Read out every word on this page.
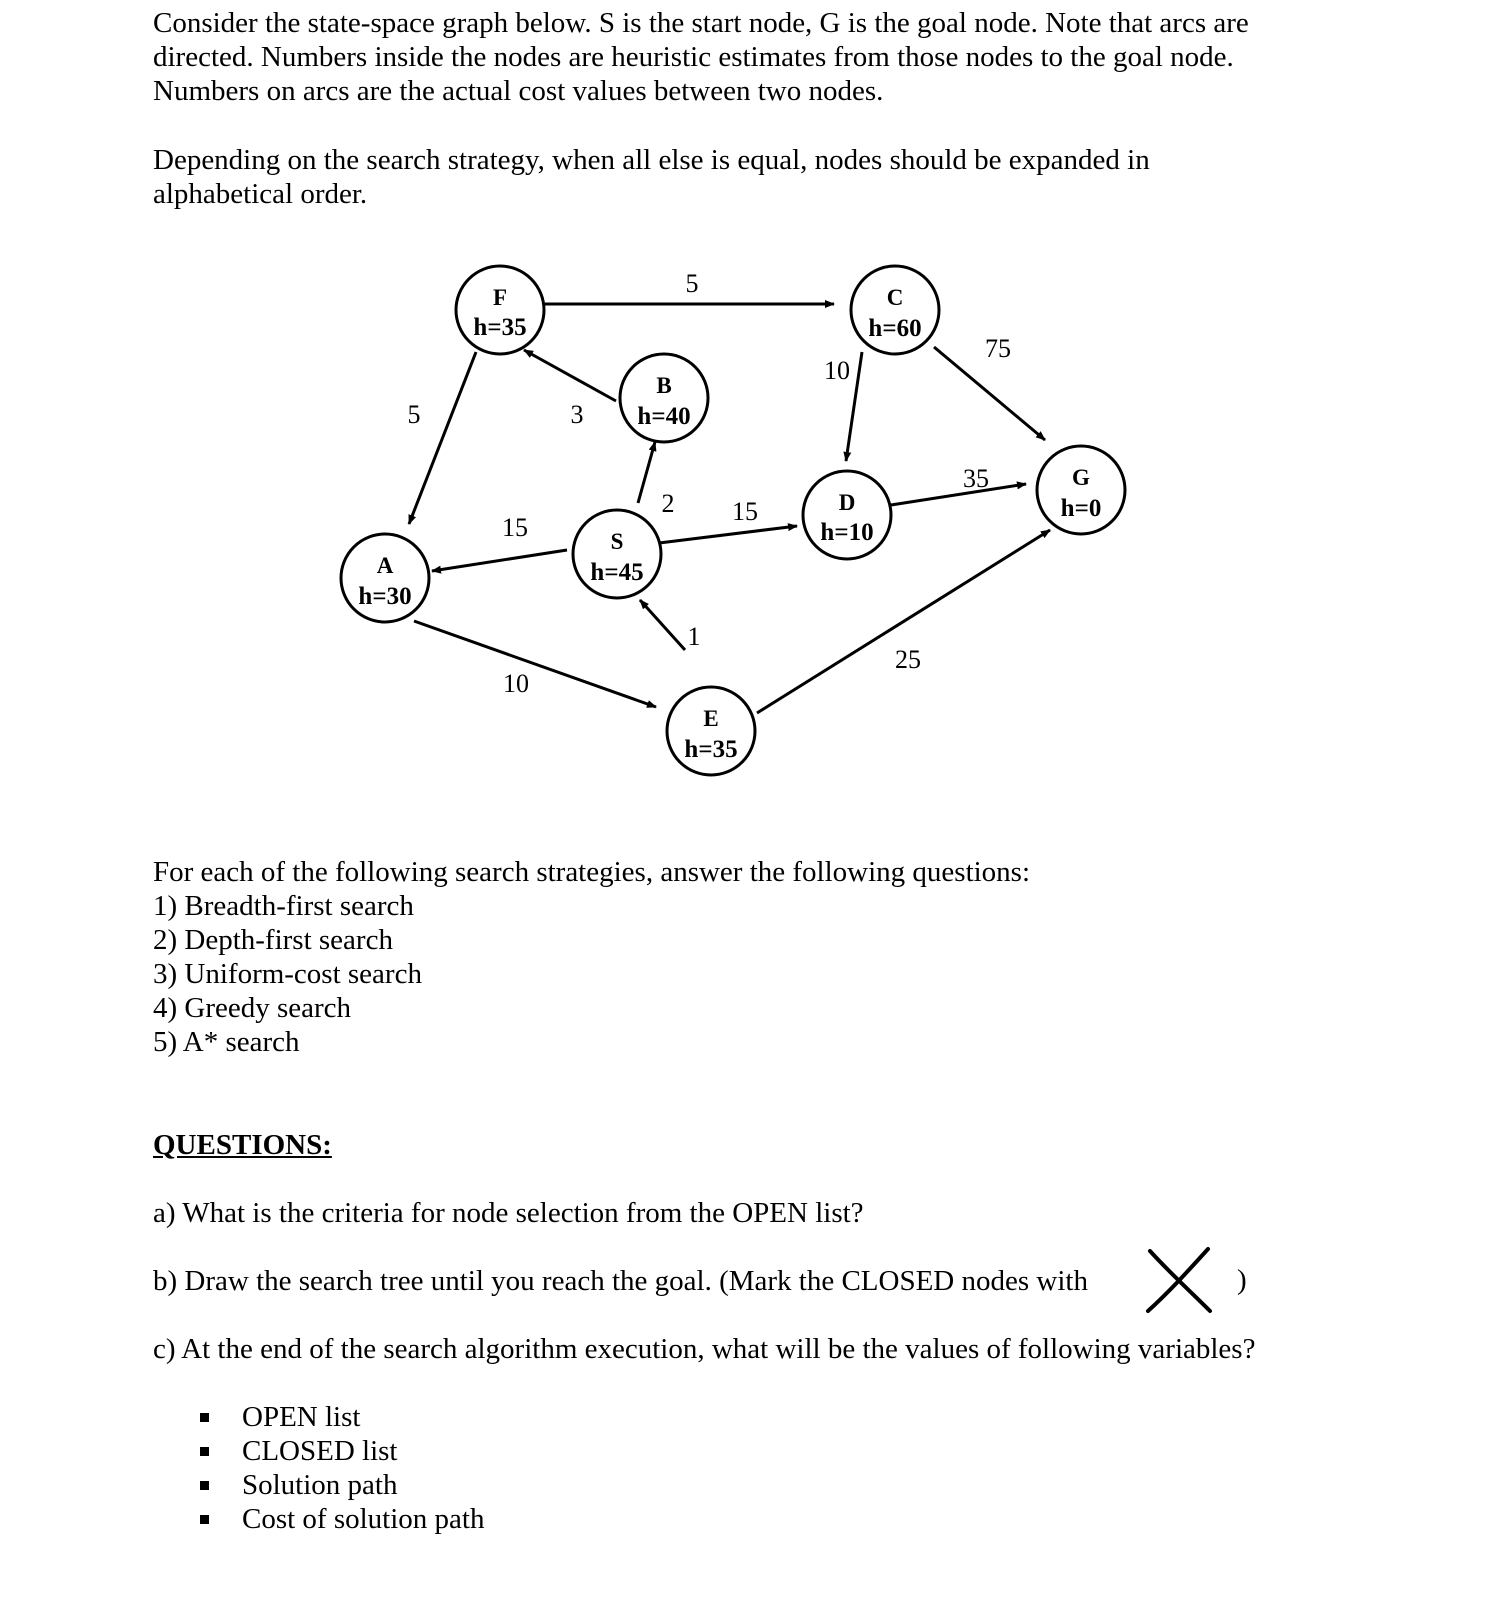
Consider the state-space graph below. S is the start node, G is the goal node. Note that arcs are directed. Numbers inside the nodes are heuristic estimates from those nodes to the goal node. Numbers on arcs are the actual cost values between two nodes.

Depending on the search strategy, when all else is equal, nodes should be expanded in alphabetical order.

5
5	3
10
75
2 15
15
35
10
1
25
F
h=35
B
h=40
C
h=60
A
h=30
S
h=45
D
h=10
G
h=0
E
h=35

For each of the following search strategies, answer the following questions:

1) Breadth-first search
2) Depth-first search
3) Uniform-cost search
4) Greedy search
5) A* search

QUESTIONS:

a) What is the criteria for node selection from the OPEN list?

b) Draw the search tree until you reach the goal. (Mark the CLOSED nodes with	)

c) At the end of the search algorithm execution, what will be the values of following variables?

OPEN list
CLOSED list
Solution path
Cost of solution path
